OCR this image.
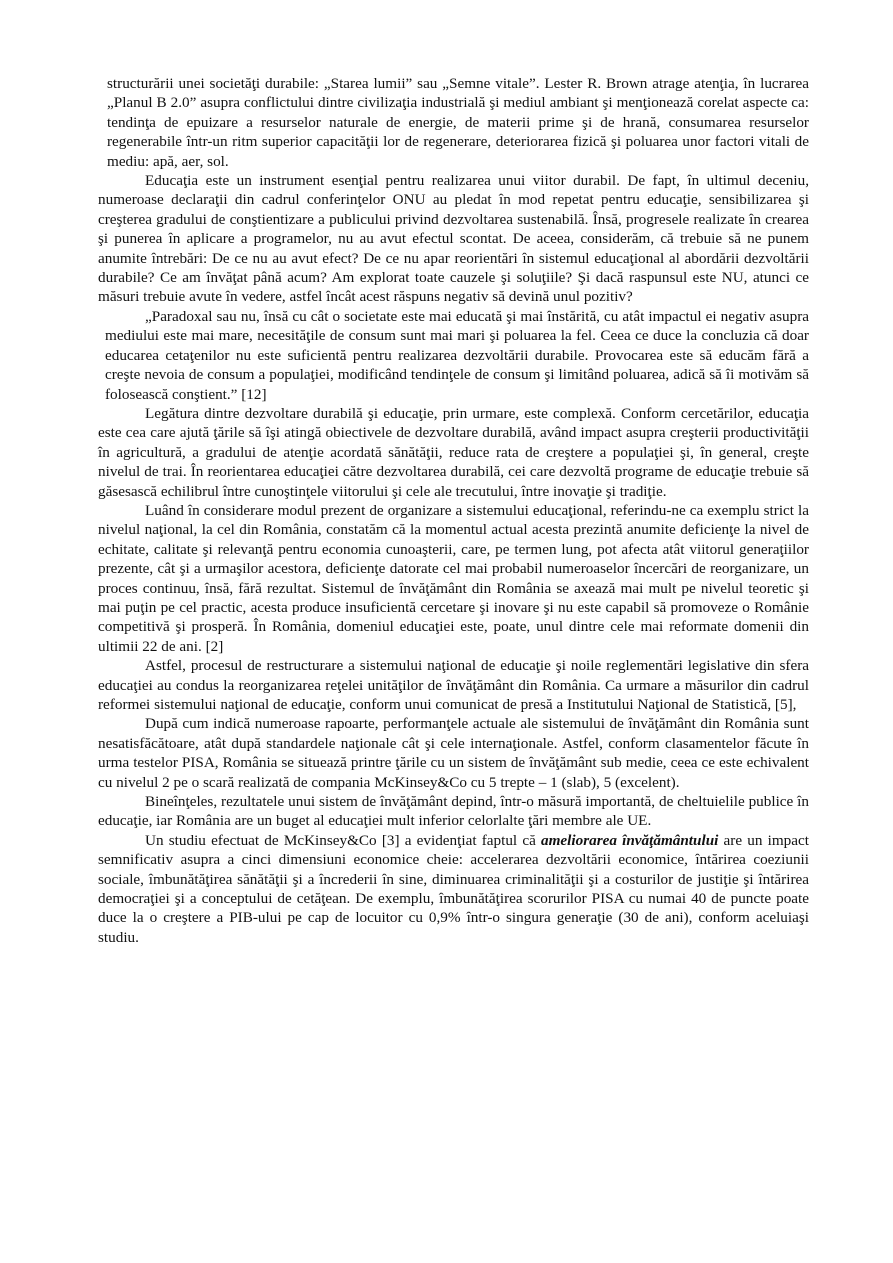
structurării unei societăţi durabile: „Starea lumii” sau „Semne vitale”. Lester R. Brown atrage atenţia, în lucrarea „Planul B 2.0” asupra conflictului dintre civilizaţia industrială şi mediul ambiant şi menţionează corelat aspecte ca: tendinţa de epuizare a resurselor naturale de energie, de materii prime şi de hrană, consumarea resurselor regenerabile într-un ritm superior capacităţii lor de regenerare, deteriorarea fizică şi poluarea unor factori vitali de mediu: apă, aer, sol.

Educaţia este un instrument esenţial pentru realizarea unui viitor durabil. De fapt, în ultimul deceniu, numeroase declaraţii din cadrul conferinţelor ONU au pledat în mod repetat pentru educaţie, sensibilizarea şi creşterea gradului de conştientizare a publicului privind dezvoltarea sustenabilă. Însă, progresele realizate în crearea şi punerea în aplicare a programelor, nu au avut efectul scontat. De aceea, considerăm, că trebuie să ne punem anumite întrebări: De ce nu au avut efect? De ce nu apar reorientări în sistemul educaţional al abordării dezvoltării durabile? Ce am învăţat până acum? Am explorat toate cauzele şi soluţiile? Şi dacă raspunsul este NU, atunci ce măsuri trebuie avute în vedere, astfel încât acest răspuns negativ să devină unul pozitiv?

„Paradoxal sau nu, însă cu cât o societate este mai educată şi mai înstărită, cu atât impactul ei negativ asupra mediului este mai mare, necesităţile de consum sunt mai mari şi poluarea la fel. Ceea ce duce la concluzia că doar educarea cetaţenilor nu este suficientă pentru realizarea dezvoltării durabile. Provocarea este să educăm fără a creşte nevoia de consum a populaţiei, modificând tendinţele de consum şi limitând poluarea, adică să îi motivăm să folosească conştient.” [12]

Legătura dintre dezvoltare durabilă şi educaţie, prin urmare, este complexă. Conform cercetărilor, educaţia este cea care ajută ţările să îşi atingă obiectivele de dezvoltare durabilă, având impact asupra creşterii productivităţii în agricultură, a gradului de atenţie acordată sănătăţii, reduce rata de creştere a populaţiei şi, în general, creşte nivelul de trai. În reorientarea educaţiei către dezvoltarea durabilă, cei care dezvoltă programe de educaţie trebuie să găsesască echilibrul între cunoştinţele viitorului şi cele ale trecutului, între inovaţie şi tradiţie.

Luând în considerare modul prezent de organizare a sistemului educaţional, referindu-ne ca exemplu strict la nivelul naţional, la cel din România, constatăm că la momentul actual acesta prezintă anumite deficienţe la nivel de echitate, calitate şi relevanţă pentru economia cunoaşterii, care, pe termen lung, pot afecta atât viitorul generaţiilor prezente, cât şi a urmaşilor acestora, deficienţe datorate cel mai probabil numeroaselor încercări de reorganizare, un proces continuu, însă, fără rezultat. Sistemul de învăţământ din România se axează mai mult pe nivelul teoretic şi mai puţin pe cel practic, acesta produce insuficientă cercetare şi inovare şi nu este capabil să promoveze o Românie competitivă şi prosperă. În România, domeniul educaţiei este, poate, unul dintre cele mai reformate domenii din ultimii 22 de ani. [2]

Astfel, procesul de restructurare a sistemului naţional de educaţie şi noile reglementări legislative din sfera educaţiei au condus la reorganizarea reţelei unităţilor de învăţământ din România. Ca urmare a măsurilor din cadrul reformei sistemului naţional de educaţie, conform unui comunicat de presă a Institutului Naţional de Statistică, [5],

După cum indică numeroase rapoarte, performanţele actuale ale sistemului de învăţământ din România sunt nesatisfăcătoare, atât după standardele naţionale cât şi cele internaţionale. Astfel, conform clasamentelor făcute în urma testelor PISA, România se situează printre ţările cu un sistem de învăţământ sub medie, ceea ce este echivalent cu nivelul 2 pe o scară realizată de compania McKinsey&Co cu 5 trepte – 1 (slab), 5 (excelent).

Bineînţeles, rezultatele unui sistem de învăţământ depind, într-o măsură importantă, de cheltuielile publice în educaţie, iar România are un buget al educaţiei mult inferior celorlalte ţări membre ale UE.

Un studiu efectuat de McKinsey&Co [3] a evidenţiat faptul că ameliorarea învăţământului are un impact semnificativ asupra a cinci dimensiuni economice cheie: accelerarea dezvoltării economice, întărirea coeziunii sociale, îmbunătăţirea sănătăţii şi a încrederii în sine, diminuarea criminalităţii şi a costurilor de justiţie şi întărirea democraţiei şi a conceptului de cetăţean. De exemplu, îmbunătăţirea scorurilor PISA cu numai 40 de puncte poate duce la o creştere a PIB-ului pe cap de locuitor cu 0,9% într-o singura generaţie (30 de ani), conform aceluiaşi studiu.
